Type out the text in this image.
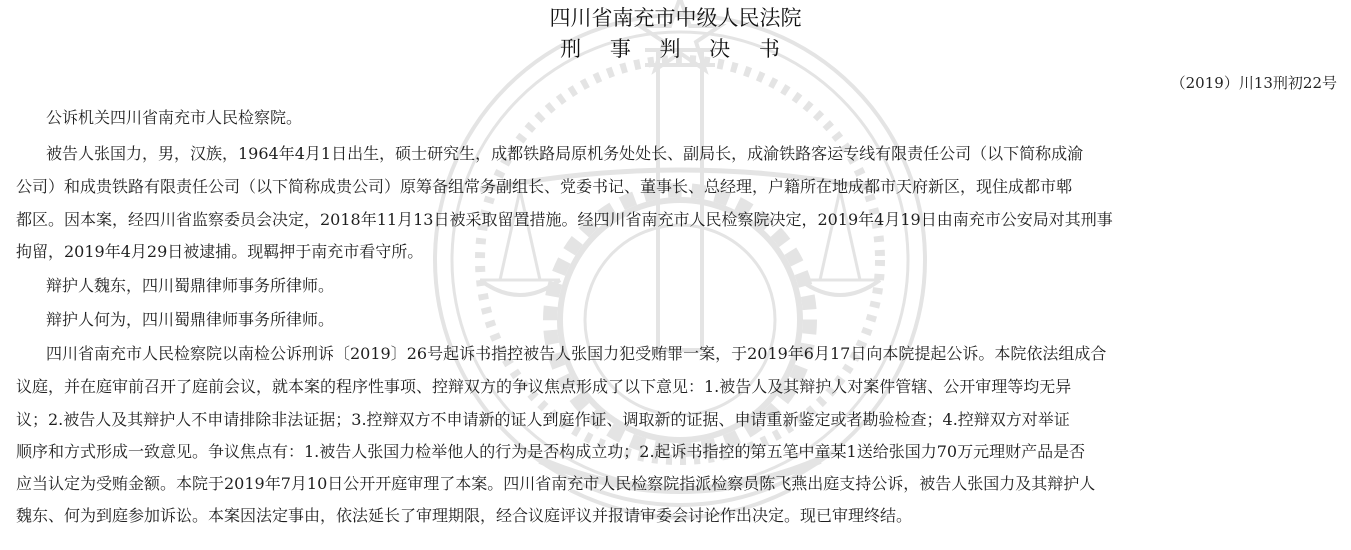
四川省南充市中级人民法院
刑 事 判 决 书
（2019）川13刑初22号
公诉机关四川省南充市人民检察院。
被告人张国力，男，汉族，1964年4月1日出生，硕士研究生，成都铁路局原机务处处长、副局长，成渝铁路客运专线有限责任公司（以下简称成渝
公司）和成贵铁路有限责任公司（以下简称成贵公司）原筹备组常务副组长、党委书记、董事长、总经理，户籍所在地成都市天府新区，现住成都市郫
都区。因本案，经四川省监察委员会决定，2018年11月13日被采取留置措施。经四川省南充市人民检察院决定，2019年4月19日由南充市公安局对其刑事
拘留，2019年4月29日被逮捕。现羁押于南充市看守所。
辩护人魏东，四川蜀鼎律师事务所律师。
辩护人何为，四川蜀鼎律师事务所律师。
四川省南充市人民检察院以南检公诉刑诉〔2019〕26号起诉书指控被告人张国力犯受贿罪一案，于2019年6月17日向本院提起公诉。本院依法组成合
议庭，并在庭审前召开了庭前会议，就本案的程序性事项、控辩双方的争议焦点形成了以下意见：1.被告人及其辩护人对案件管辖、公开审理等均无异
议；2.被告人及其辩护人不申请排除非法证据；3.控辩双方不申请新的证人到庭作证、调取新的证据、申请重新鉴定或者勘验检查；4.控辩双方对举证
顺序和方式形成一致意见。争议焦点有：1.被告人张国力检举他人的行为是否构成立功；2.起诉书指控的第五笔中童某1送给张国力70万元理财产品是否
应当认定为受贿金额。本院于2019年7月10日公开开庭审理了本案。四川省南充市人民检察院指派检察员陈飞燕出庭支持公诉，被告人张国力及其辩护人
魏东、何为到庭参加诉讼。本案因法定事由，依法延长了审理期限，经合议庭评议并报请审委会讨论作出决定。现已审理终结。
